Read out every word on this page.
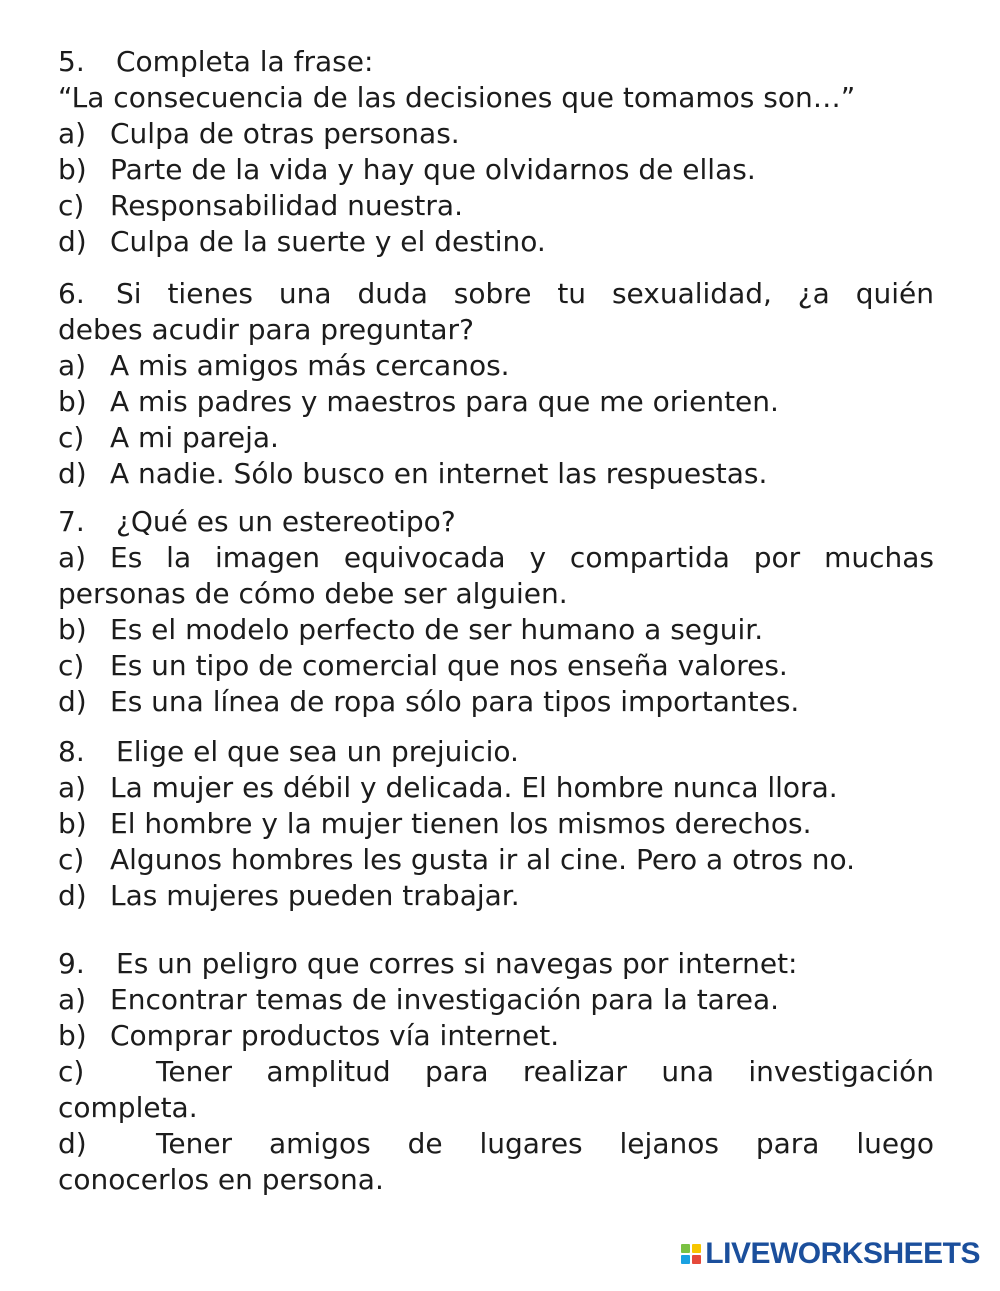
5. Completa la frase:
“La consecuencia de las decisiones que tomamos son…”
a) Culpa de otras personas.
b) Parte de la vida y hay que olvidarnos de ellas.
c) Responsabilidad nuestra.
d) Culpa de la suerte y el destino.
6. Si tienes una duda sobre tu sexualidad, ¿a quién
debes acudir para preguntar?
a) A mis amigos más cercanos.
b) A mis padres y maestros para que me orienten.
c) A mi pareja.
d) A nadie. Sólo busco en internet las respuestas.
7. ¿Qué es un estereotipo?
a) Es la imagen equivocada y compartida por muchas
personas de cómo debe ser alguien.
b) Es el modelo perfecto de ser humano a seguir.
c) Es un tipo de comercial que nos enseña valores.
d) Es una línea de ropa sólo para tipos importantes.
8. Elige el que sea un prejuicio.
a) La mujer es débil y delicada. El hombre nunca llora.
b) El hombre y la mujer tienen los mismos derechos.
c) Algunos hombres les gusta ir al cine. Pero a otros no.
d) Las mujeres pueden trabajar.
9. Es un peligro que corres si navegas por internet:
a) Encontrar temas de investigación para la tarea.
b) Comprar productos vía internet.
c)	Tener amplitud para realizar una investigación
completa.
d) Tener amigos de lugares lejanos para luego
conocerlos en persona.
LIVEWORKSHEETS
